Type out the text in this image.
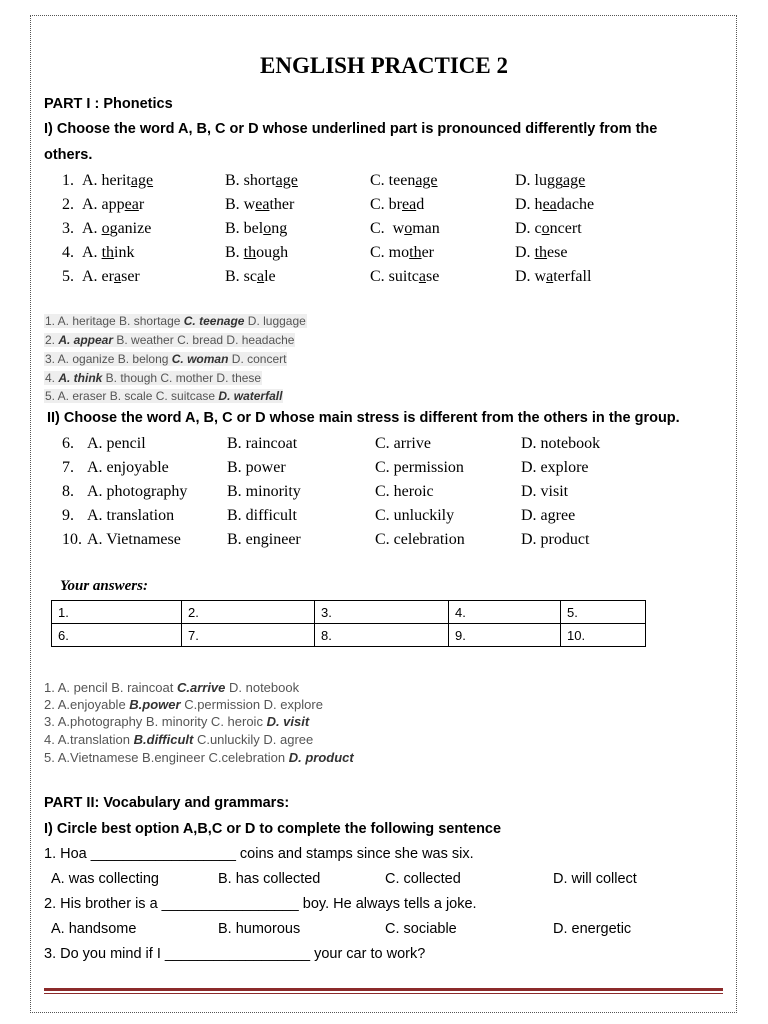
ENGLISH PRACTICE 2
PART I : Phonetics
I) Choose the word A, B, C or D whose underlined part is pronounced differently from the
others.
1.  A. heritage	B. shortage	C. teenage	D. luggage
2.  A. appear	B. weather	C. bread	D. headache
3.  A. oganize	B. belong	C.  woman	D. concert
4.  A. think	B. though	C. mother	D. these
5.  A. eraser	B. scale	C. suitcase	D. waterfall
1. A. heritage B. shortage C. teenage D. luggage
2. A. appear B. weather C. bread D. headache
3. A. oganize B. belong C. woman D. concert
4. A. think B. though C. mother D. these
5. A. eraser B. scale C. suitcase D. waterfall
II) Choose the word A, B, C or D whose main stress is different from the others in the group.
6. A. pencil	B. raincoat	C. arrive	D. notebook
7. A. enjoyable	B. power	C. permission	D. explore
8. A. photography B. minority	C. heroic	D. visit
9. A. translation	B. difficult	C. unluckily	D. agree
10. A. Vietnamese	B. engineer	C. celebration	D. product
Your answers:
1.	2.	3.	4.	5.
6.	7.	8.	9.	10.
1. A. pencil B. raincoat C.arrive D. notebook
2. A.enjoyable B.power C.permission D. explore
3. A.photography B. minority C. heroic D. visit
4. A.translation B.difficult C.unluckily D. agree
5. A.Vietnamese B.engineer C.celebration D. product
PART II: Vocabulary and grammars:
I) Circle best option A,B,C or D to complete the following sentence
1. Hoa __________________ coins and stamps since she was six.
A. was collecting	B. has collected	C. collected	D. will collect
2. His brother is a _________________ boy. He always tells a joke.
A. handsome	B. humorous	C. sociable	D. energetic
3. Do you mind if I __________________ your car to work?
